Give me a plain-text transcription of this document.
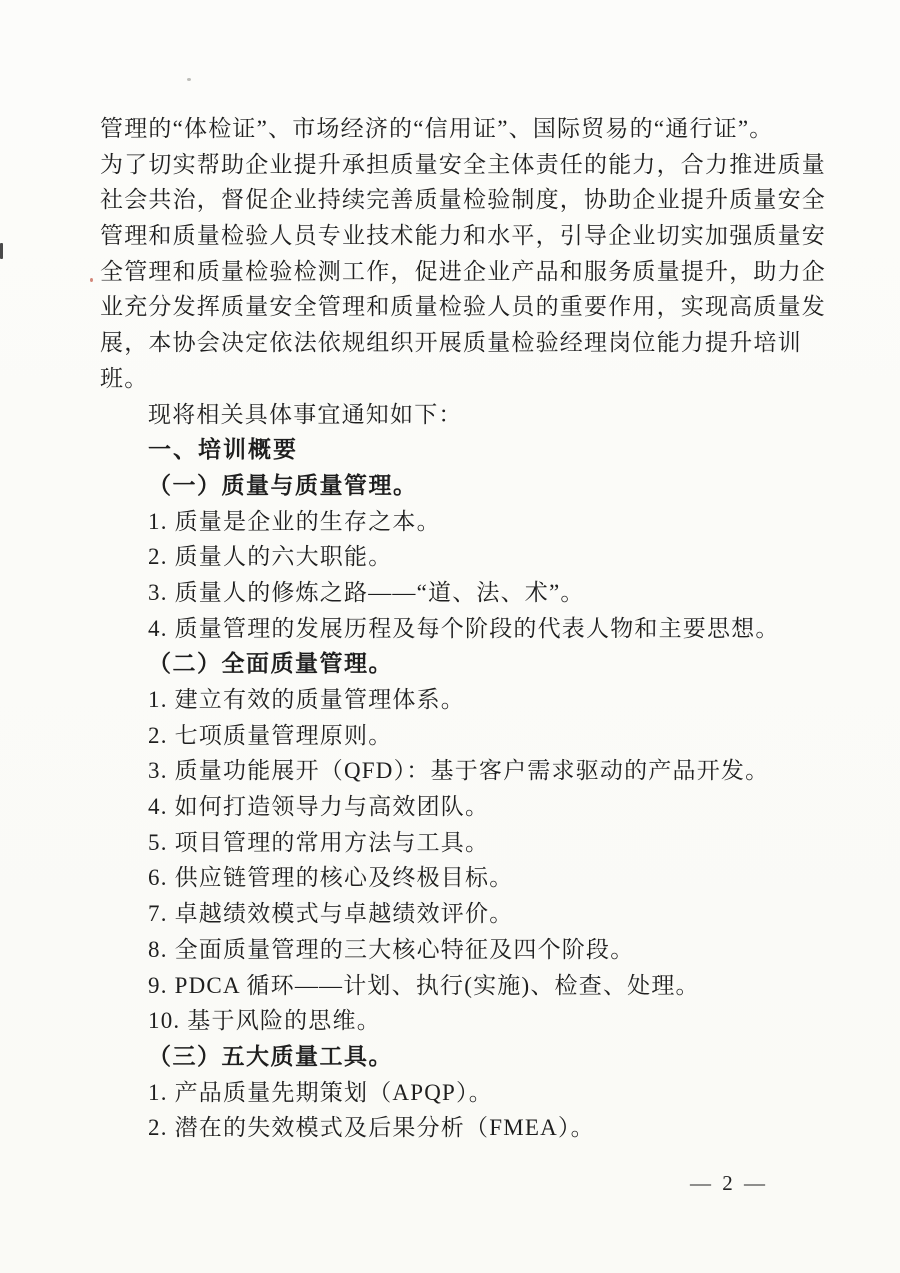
管理的“体检证”、市场经济的“信用证”、国际贸易的“通行证”。
为了切实帮助企业提升承担质量安全主体责任的能力，合力推进质量
社会共治，督促企业持续完善质量检验制度，协助企业提升质量安全
管理和质量检验人员专业技术能力和水平，引导企业切实加强质量安
全管理和质量检验检测工作，促进企业产品和服务质量提升，助力企
业充分发挥质量安全管理和质量检验人员的重要作用，实现高质量发
展，本协会决定依法依规组织开展质量检验经理岗位能力提升培训
班。
现将相关具体事宜通知如下：
一、培训概要
（一）质量与质量管理。
1. 质量是企业的生存之本。
2. 质量人的六大职能。
3. 质量人的修炼之路——“道、法、术”。
4. 质量管理的发展历程及每个阶段的代表人物和主要思想。
（二）全面质量管理。
1. 建立有效的质量管理体系。
2. 七项质量管理原则。
3. 质量功能展开（QFD）：基于客户需求驱动的产品开发。
4. 如何打造领导力与高效团队。
5. 项目管理的常用方法与工具。
6. 供应链管理的核心及终极目标。
7. 卓越绩效模式与卓越绩效评价。
8. 全面质量管理的三大核心特征及四个阶段。
9. PDCA 循环——计划、执行(实施)、检查、处理。
10. 基于风险的思维。
（三）五大质量工具。
1. 产品质量先期策划（APQP）。
2. 潜在的失效模式及后果分析（FMEA）。
— 2 —
